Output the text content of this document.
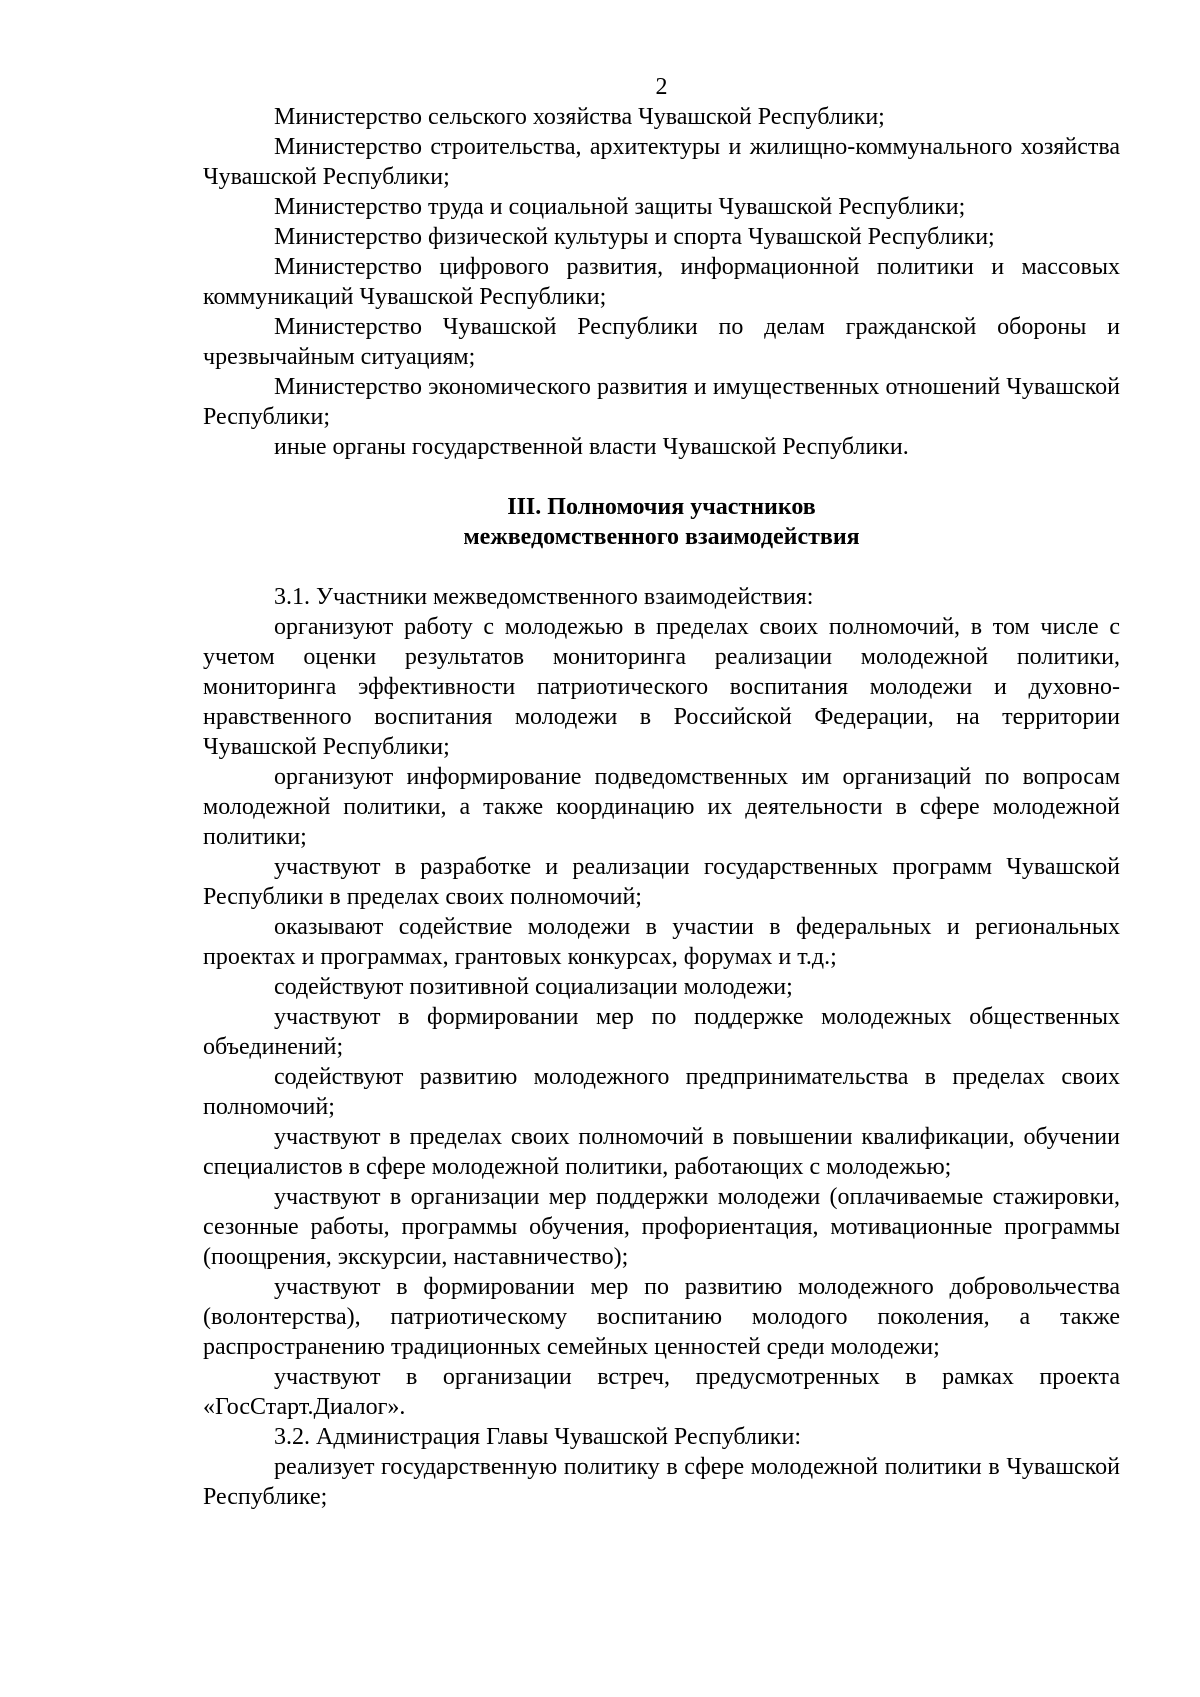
2

Министерство сельского хозяйства Чувашской Республики;

Министерство строительства, архитектуры и жилищно-коммунального хозяйства Чувашской Республики;

Министерство труда и социальной защиты Чувашской Республики;

Министерство физической культуры и спорта Чувашской Республики;

Министерство цифрового развития, информационной политики и массовых коммуникаций Чувашской Республики;

Министерство Чувашской Республики по делам гражданской обороны и чрезвычайным ситуациям;

Министерство экономического развития и имущественных отношений Чувашской Республики;

иные органы государственной власти Чувашской Республики.

III. Полномочия участников
межведомственного взаимодействия

3.1. Участники межведомственного взаимодействия:

организуют работу с молодежью в пределах своих полномочий, в том числе с учетом оценки результатов мониторинга реализации молодежной политики, мониторинга эффективности патриотического воспитания молодежи и духовно-нравственного воспитания молодежи в Российской Федерации, на территории Чувашской Республики;

организуют информирование подведомственных им организаций по вопросам молодежной политики, а также координацию их деятельности в сфере молодежной политики;

участвуют в разработке и реализации государственных программ Чувашской Республики в пределах своих полномочий;

оказывают содействие молодежи в участии в федеральных и региональных проектах и программах, грантовых конкурсах, форумах и т.д.;

содействуют позитивной социализации молодежи;

участвуют в формировании мер по поддержке молодежных общественных объединений;

содействуют развитию молодежного предпринимательства в пределах своих полномочий;

участвуют в пределах своих полномочий в повышении квалификации, обучении специалистов в сфере молодежной политики, работающих с молодежью;

участвуют в организации мер поддержки молодежи (оплачиваемые стажировки, сезонные работы, программы обучения, профориентация, мотивационные программы (поощрения, экскурсии, наставничество);

участвуют в формировании мер по развитию молодежного добровольчества (волонтерства), патриотическому воспитанию молодого поколения, а также распространению традиционных семейных ценностей среди молодежи;

участвуют в организации встреч, предусмотренных в рамках проекта «ГосСтарт.Диалог».

3.2. Администрация Главы Чувашской Республики:

реализует государственную политику в сфере молодежной политики в Чувашской Республике;
